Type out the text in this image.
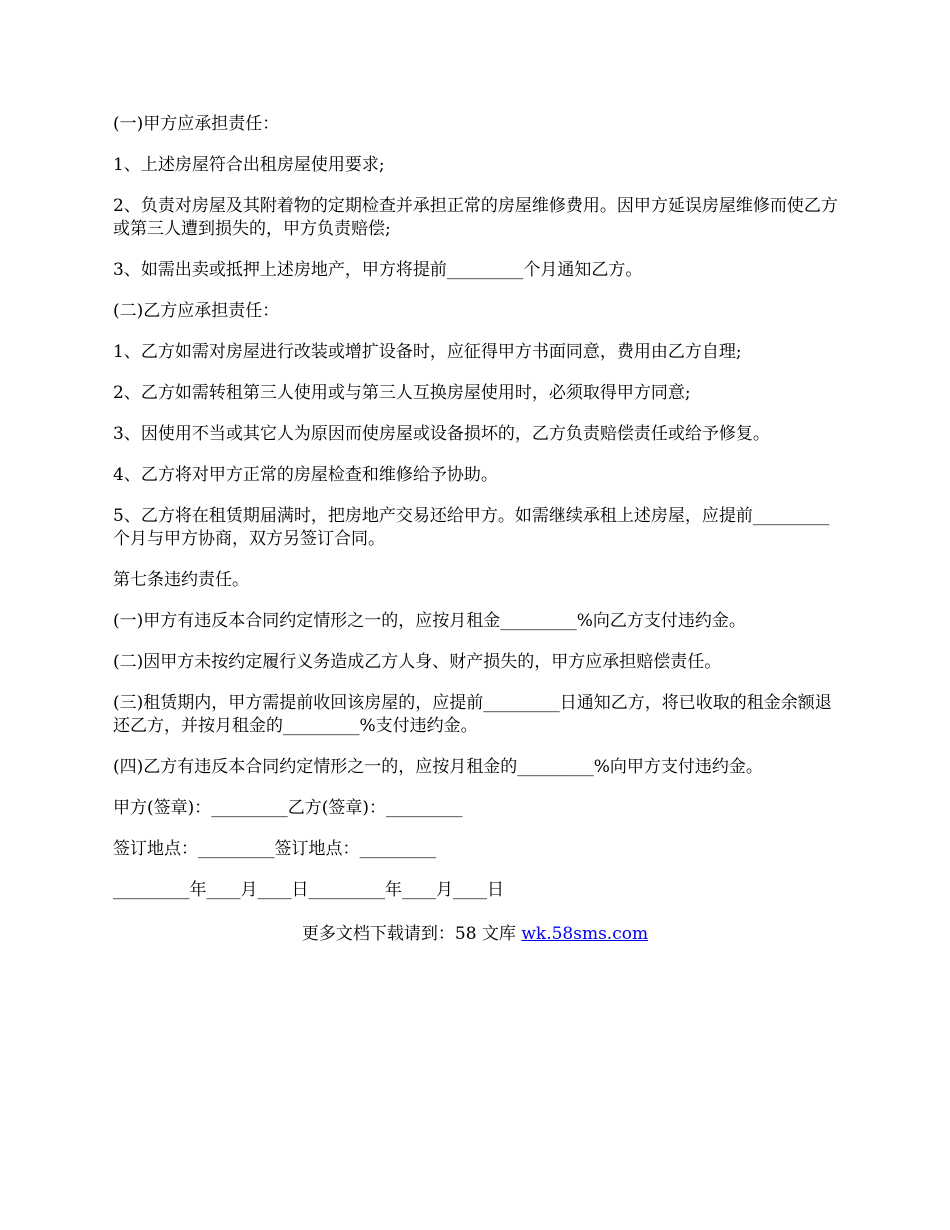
(一)甲方应承担责任：

1、上述房屋符合出租房屋使用要求;

2、负责对房屋及其附着物的定期检查并承担正常的房屋维修费用。因甲方延误房屋维修而使乙方或第三人遭到损失的，甲方负责赔偿;

3、如需出卖或抵押上述房地产，甲方将提前_________个月通知乙方。

(二)乙方应承担责任：

1、乙方如需对房屋进行改装或增扩设备时，应征得甲方书面同意，费用由乙方自理;

2、乙方如需转租第三人使用或与第三人互换房屋使用时，必须取得甲方同意;

3、因使用不当或其它人为原因而使房屋或设备损坏的，乙方负责赔偿责任或给予修复。

4、乙方将对甲方正常的房屋检查和维修给予协助。

5、乙方将在租赁期届满时，把房地产交易还给甲方。如需继续承租上述房屋，应提前_________个月与甲方协商，双方另签订合同。

第七条违约责任。

(一)甲方有违反本合同约定情形之一的，应按月租金_________%向乙方支付违约金。

(二)因甲方未按约定履行义务造成乙方人身、财产损失的，甲方应承担赔偿责任。

(三)租赁期内，甲方需提前收回该房屋的，应提前_________日通知乙方，将已收取的租金余额退还乙方，并按月租金的_________%支付违约金。

(四)乙方有违反本合同约定情形之一的，应按月租金的_________%向甲方支付违约金。

甲方(签章)：_________乙方(签章)：_________

签订地点：_________签订地点：_________

_________年____月____日_________年____月____日

更多文档下载请到：58 文库 wk.58sms.com
